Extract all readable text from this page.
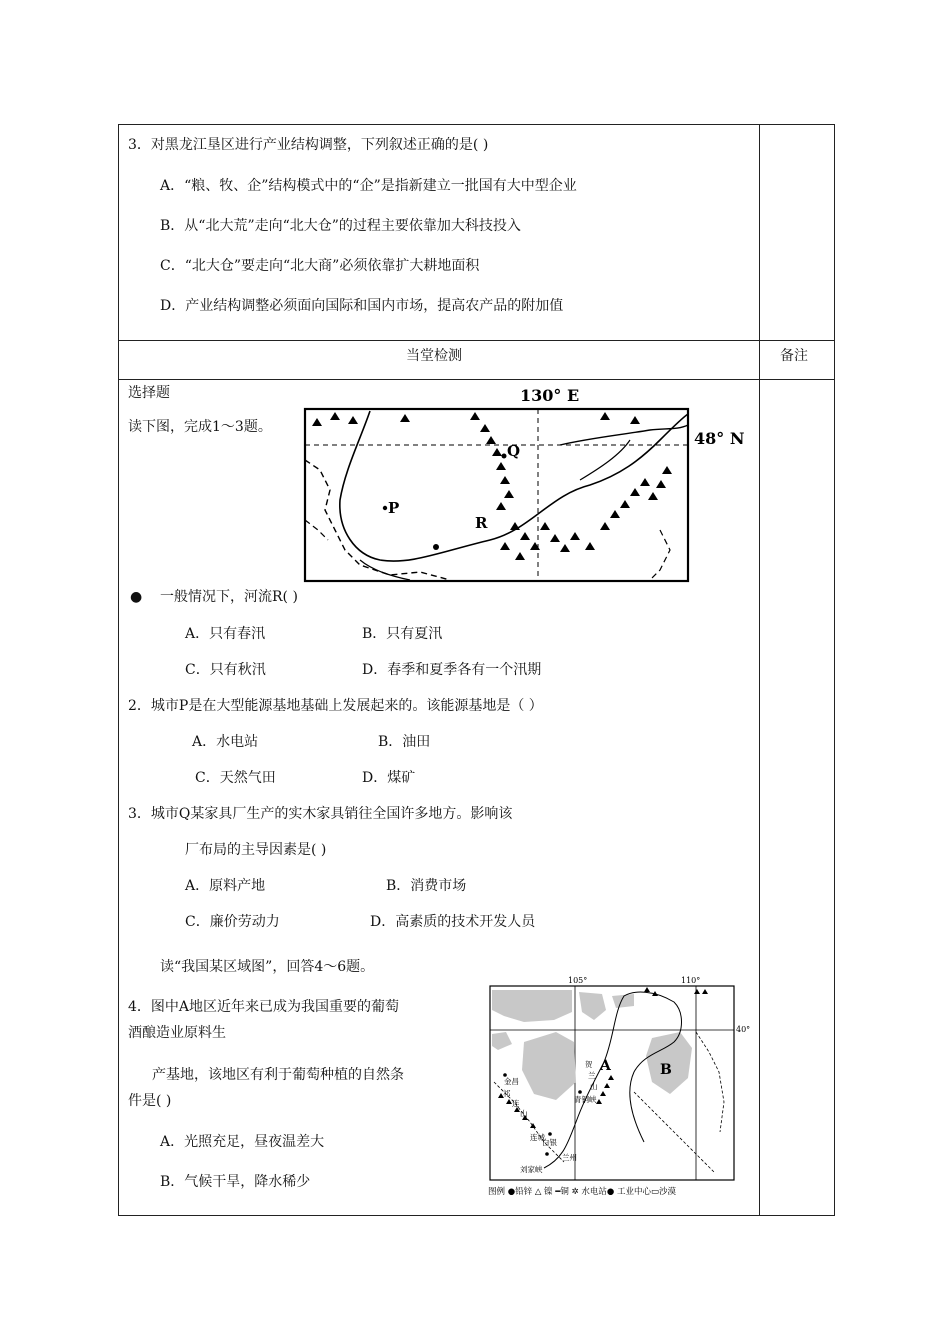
3．对黑龙江垦区进行产业结构调整，下列叙述正确的是( )
A．“粮、牧、企”结构模式中的“企”是指新建立一批国有大中型企业
B．从“北大荒”走向“北大仓”的过程主要依靠加大科技投入
C．“北大仓”要走向“北大商”必须依靠扩大耕地面积
D．产业结构调整必须面向国际和国内市场，提高农产品的附加值
当堂检测	备注
选择题
读下图，完成1～3题。
130° E
48° N
P
Q
R
● 一般情况下，河流R( )
A．只有春汛	B．只有夏汛
C．只有秋汛	D．春季和夏季各有一个汛期
2．城市P是在大型能源基地基础上发展起来的。该能源基地是（ ）
A．水电站	B．油田
C．天然气田	D．煤矿
3．城市Q某家具厂生产的实木家具销往全国许多地方。影响该
厂布局的主导因素是( )
A．原料产地	B．消费市场
C．廉价劳动力	D．高素质的技术开发人员
读“我国某区域图”，回答4～6题。
4．图中A地区近年来已成为我国重要的葡萄
酒酿造业原料生
产基地，该地区有利于葡萄种植的自然条
件是( )
A．光照充足，昼夜温差大
B．气候干旱，降水稀少
105°	110°
40°
A	B
金昌
祁
连
山
贺
兰
山
青铜峡
连城
白银
兰州
刘家峡
图例 ●铅锌 △ 镍 ━铜 ✲ 水电站● 工业中心▭沙漠
